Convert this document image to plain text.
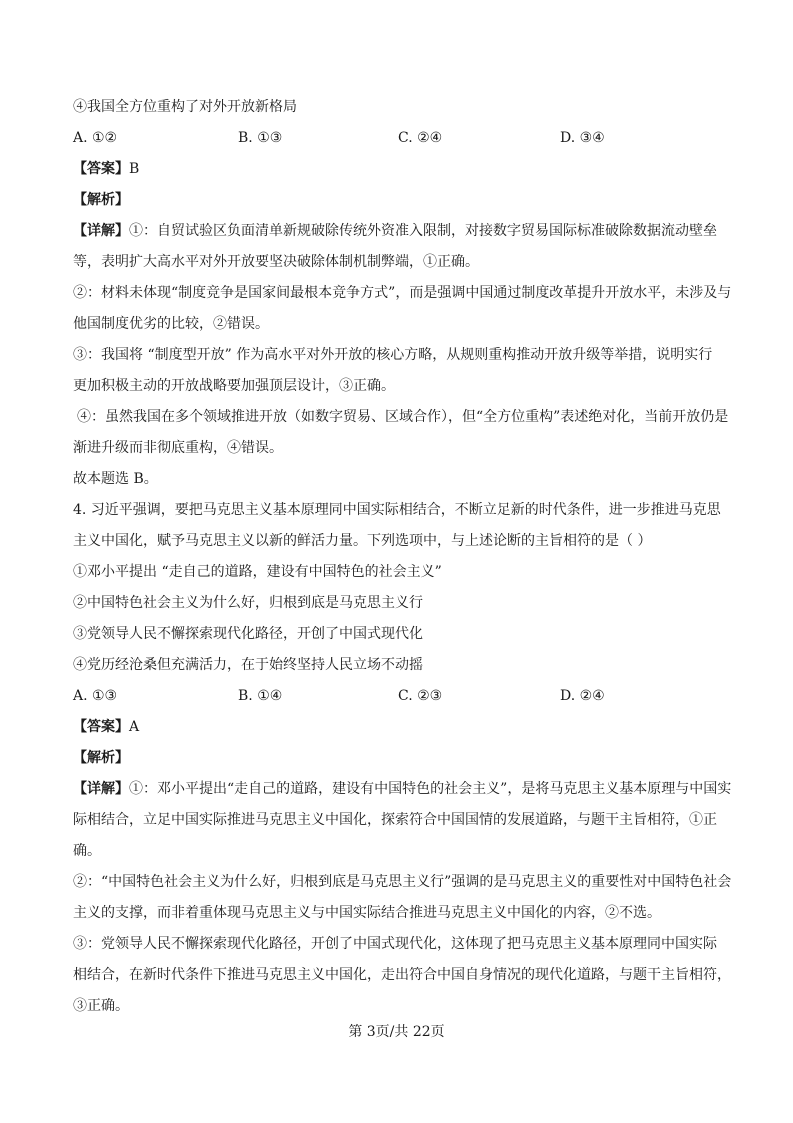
④我国全方位重构了对外开放新格局
A. ①②	B. ①③	C. ②④	D. ③④
【答案】B
【解析】
【详解】①：自贸试验区负面清单新规破除传统外资准入限制，对接数字贸易国际标准破除数据流动壁垒
等，表明扩大高水平对外开放要坚决破除体制机制弊端，①正确。
②：材料未体现“制度竞争是国家间最根本竞争方式”，而是强调中国通过制度改革提升开放水平，未涉及与
他国制度优劣的比较，②错误。
③：我国将 “制度型开放” 作为高水平对外开放的核心方略，从规则重构推动开放升级等举措，说明实行
更加积极主动的开放战略要加强顶层设计，③正确。
④：虽然我国在多个领域推进开放（如数字贸易、区域合作），但“全方位重构”表述绝对化，当前开放仍是
渐进升级而非彻底重构，④错误。
故本题选 B。
4. 习近平强调，要把马克思主义基本原理同中国实际相结合，不断立足新的时代条件，进一步推进马克思
主义中国化，赋予马克思主义以新的鲜活力量。下列选项中，与上述论断的主旨相符的是（ ）
①邓小平提出 “走自己的道路，建设有中国特色的社会主义”
②中国特色社会主义为什么好，归根到底是马克思主义行
③党领导人民不懈探索现代化路径，开创了中国式现代化
④党历经沧桑但充满活力，在于始终坚持人民立场不动摇
A. ①③	B. ①④	C. ②③	D. ②④
【答案】A
【解析】
【详解】①：邓小平提出“走自己的道路，建设有中国特色的社会主义”，是将马克思主义基本原理与中国实
际相结合，立足中国实际推进马克思主义中国化，探索符合中国国情的发展道路，与题干主旨相符，①正
确。
②：“中国特色社会主义为什么好，归根到底是马克思主义行”强调的是马克思主义的重要性对中国特色社会
主义的支撑，而非着重体现马克思主义与中国实际结合推进马克思主义中国化的内容，②不选。
③：党领导人民不懈探索现代化路径，开创了中国式现代化，这体现了把马克思主义基本原理同中国实际
相结合，在新时代条件下推进马克思主义中国化，走出符合中国自身情况的现代化道路，与题干主旨相符，
③正确。
第 3页/共 22页
